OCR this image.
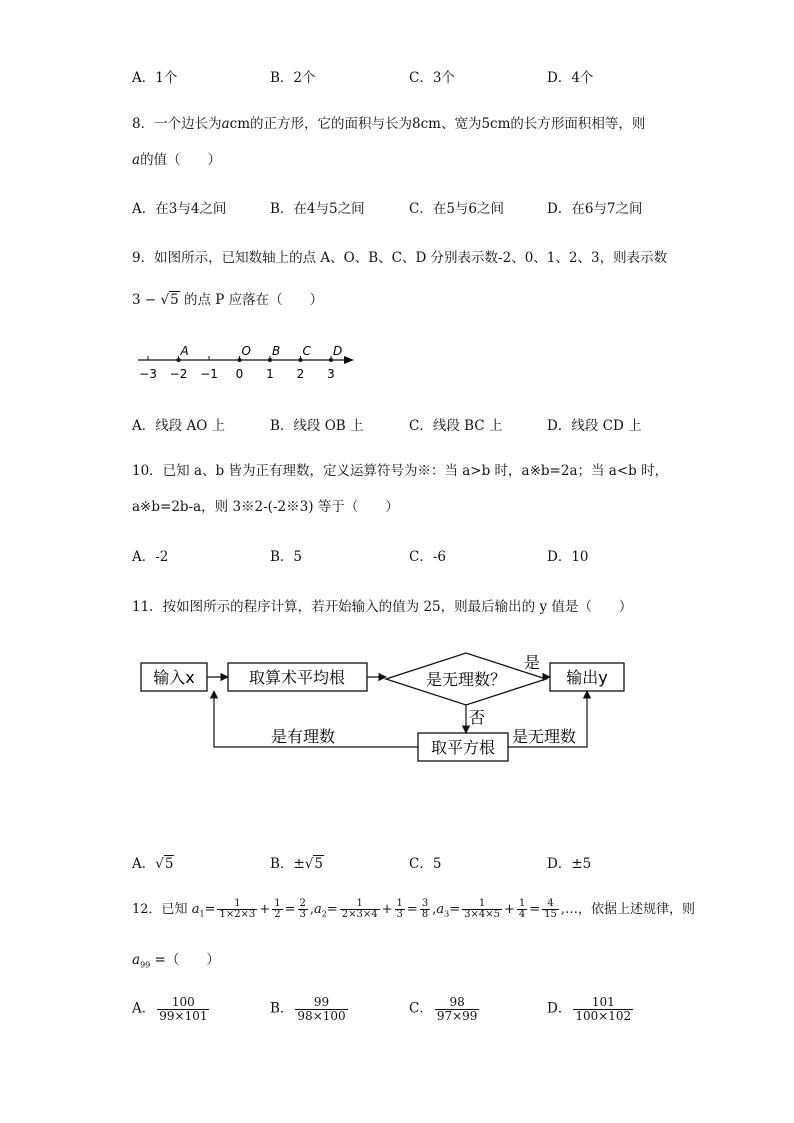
A．1个	B．2个	C．3个	D．4个
8．一个边长为acm的正方形，它的面积与长为8cm、宽为5cm的长方形面积相等，则
a的值（　　）
A．在3与4之间	B．在4与5之间	C．在5与6之间	D．在6与7之间
9．如图所示，已知数轴上的点 A、O、B、C、D 分别表示数-2、0、1、2、3，则表示数
3 − √5 的点 P 应落在（　　）
−3 −2 −1 0 1 2 3
A	O B C D
A．线段 AO 上	B．线段 OB 上	C．线段 BC 上	D．线段 CD 上
10．已知 a、b 皆为正有理数，定义运算符号为※：当 a>b 时，a※b=2a；当 a<b 时，
a※b=2b-a，则 3※2-(-2※3) 等于（　　）
A．-2	B．5	C．-6	D．10
11．按如图所示的程序计算，若开始输入的值为 25，则最后输出的 y 值是（　　）
输入x	取算术平均根	是无理数？	输出y
取平方根
是
否
是有理数	是无理数
A．√5	B．±√5	C．5	D．±5
12．已知 $a_1= \frac{1}{1\times 2\times 3} + \frac{1}{2} = \frac{2}{3} ,a_2= \frac{1}{2\times 3\times 4} + \frac{1}{3} = \frac{3}{8} ,a_3= \frac{1}{3\times 4\times 5} + \frac{1}{4} = \frac{4}{15}$ ,…，依据上述规律，则
$a_{99}$ =（　　）
A． $\frac{100}{99\times 101}$	B． $\frac{99}{98\times 100}$	C． $\frac{98}{97\times 99}$	D． $\frac{101}{100\times 102}$
